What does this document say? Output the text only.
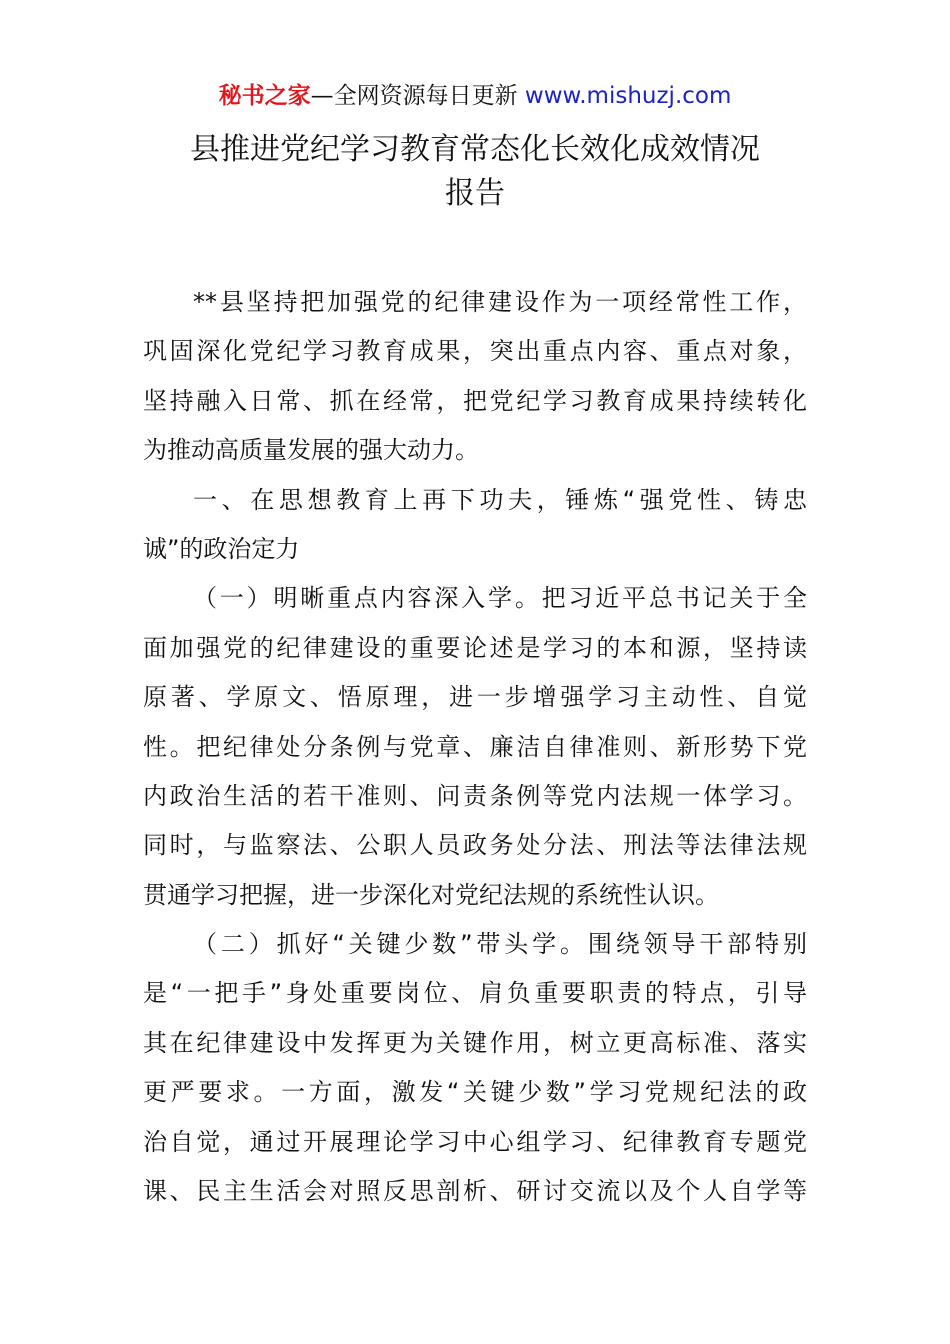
秘书之家—全网资源每日更新 www.mishuzj.com
县推进党纪学习教育常态化长效化成效情况
报告
**县坚持把加强党的纪律建设作为一项经常性工作，
巩固深化党纪学习教育成果，突出重点内容、重点对象，
坚持融入日常、抓在经常，把党纪学习教育成果持续转化
为推动高质量发展的强大动力。
一、在思想教育上再下功夫，锤炼“强党性、铸忠
诚”的政治定力
（一）明晰重点内容深入学。把习近平总书记关于全
面加强党的纪律建设的重要论述是学习的本和源，坚持读
原著、学原文、悟原理，进一步增强学习主动性、自觉
性。把纪律处分条例与党章、廉洁自律准则、新形势下党
内政治生活的若干准则、问责条例等党内法规一体学习。
同时，与监察法、公职人员政务处分法、刑法等法律法规
贯通学习把握，进一步深化对党纪法规的系统性认识。
（二）抓好“关键少数”带头学。围绕领导干部特别
是“一把手”身处重要岗位、肩负重要职责的特点，引导
其在纪律建设中发挥更为关键作用，树立更高标准、落实
更严要求。一方面，激发“关键少数”学习党规纪法的政
治自觉，通过开展理论学习中心组学习、纪律教育专题党
课、民主生活会对照反思剖析、研讨交流以及个人自学等
